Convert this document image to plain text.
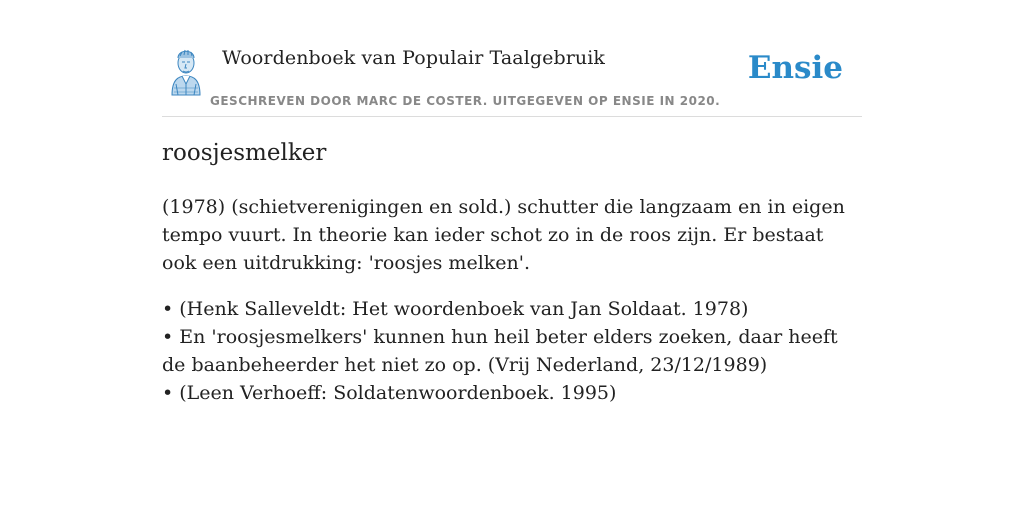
Woordenboek van Populair Taalgebruik
GESCHREVEN DOOR MARC DE COSTER. UITGEGEVEN OP ENSIE IN 2020.
Ensie
roosjesmelker

(1978) (schietverenigingen en sold.) schutter die langzaam en in eigen tempo vuurt. In theorie kan ieder schot zo in de roos zijn. Er bestaat ook een uitdrukking: 'roosjes melken'.

• (Henk Salleveldt: Het woordenboek van Jan Soldaat. 1978)
• En 'roosjesmelkers' kunnen hun heil beter elders zoeken, daar heeft de baanbeheerder het niet zo op. (Vrij Nederland, 23/12/1989)
• (Leen Verhoeff: Soldatenwoordenboek. 1995)
